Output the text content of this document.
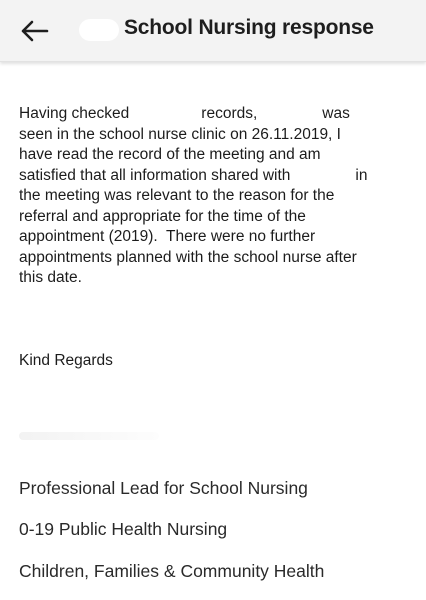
School Nursing response
Having checked	records,	was
seen in the school nurse clinic on 26.11.2019, I
have read the record of the meeting and am
satisfied that all information shared with	in
the meeting was relevant to the reason for the
referral and appropriate for the time of the
appointment (2019).  There were no further
appointments planned with the school nurse after
this date.
Kind Regards
Professional Lead for School Nursing
0-19 Public Health Nursing
Children, Families & Community Health
